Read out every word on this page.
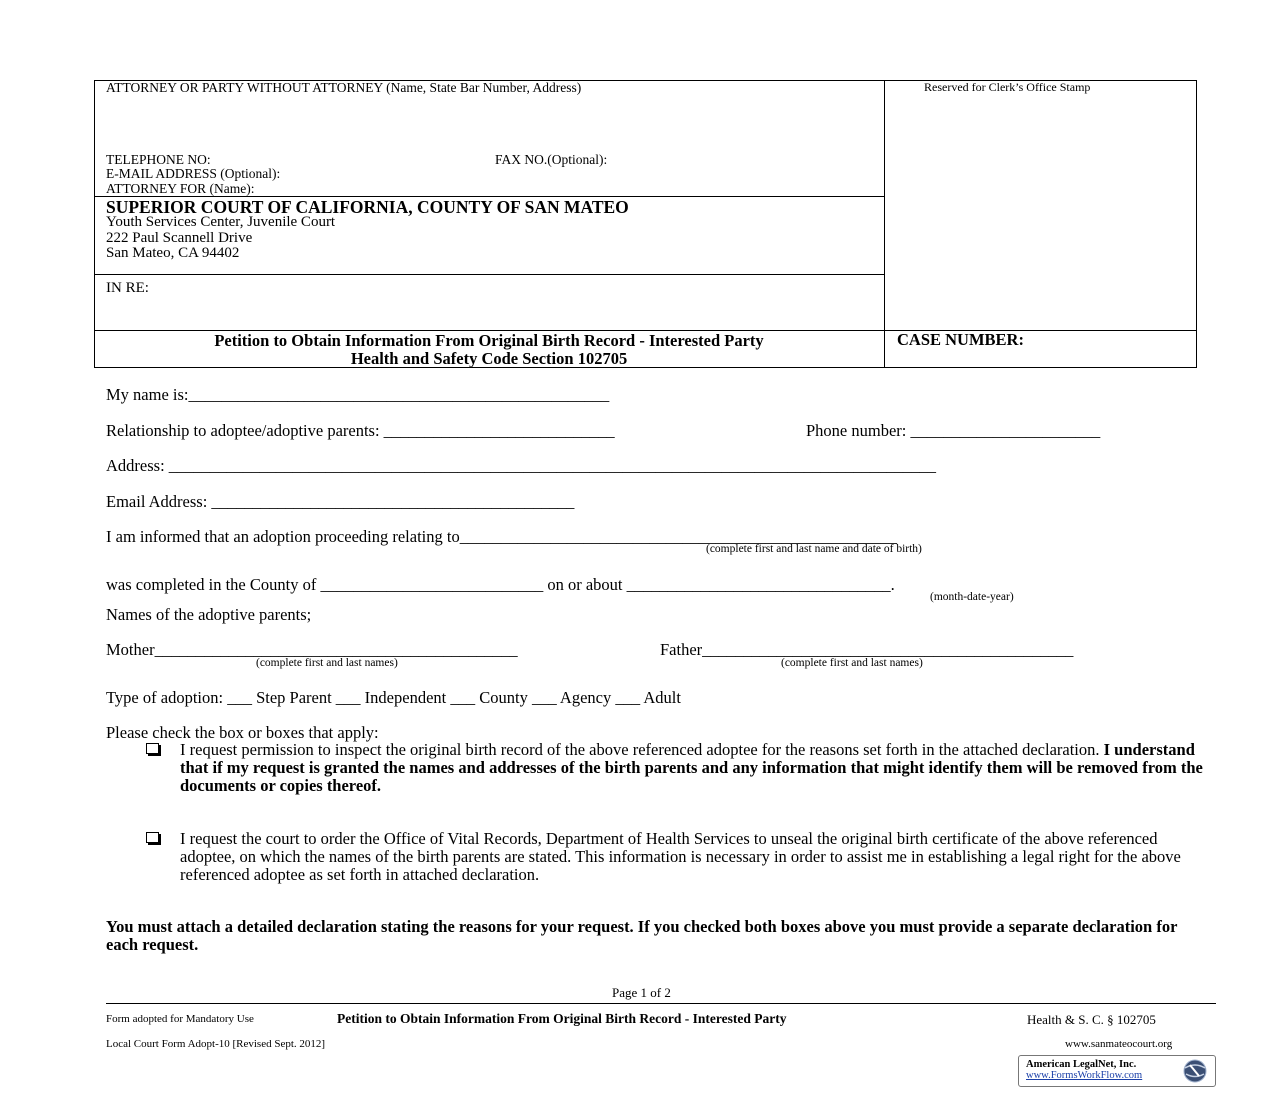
ATTORNEY OR PARTY WITHOUT ATTORNEY (Name, State Bar Number, Address)	Reserved for Clerk’s Office Stamp
TELEPHONE NO:	FAX NO.(Optional):
E-MAIL ADDRESS (Optional):
ATTORNEY FOR (Name):
SUPERIOR COURT OF CALIFORNIA, COUNTY OF SAN MATEO
Youth Services Center, Juvenile Court
222 Paul Scannell Drive
San Mateo, CA 94402
IN RE:
Petition to Obtain Information From Original Birth Record - Interested Party
Health and Safety Code Section 102705
CASE NUMBER:
My name is:___________________________________________________
Relationship to adoptee/adoptive parents: ____________________________	Phone number: _______________________
Address: _____________________________________________________________________________________________
Email Address: ____________________________________________
I am informed that an adoption proceeding relating to_____________________________________________________
(complete first and last name and date of birth)
was completed in the County of ___________________________ on or about ________________________________.
(month-date-year)
Names of the adoptive parents;
Mother____________________________________________	Father_____________________________________________
(complete first and last names)	(complete first and last names)
Type of adoption: ___ Step Parent ___ Independent ___ County ___ Agency ___ Adult
Please check the box or boxes that apply:
I request permission to inspect the original birth record of the above referenced adoptee for the reasons set forth in the attached declaration. I understand that if my request is granted the names and addresses of the birth parents and any information that might identify them will be removed from the documents or copies thereof.
I request the court to order the Office of Vital Records, Department of Health Services to unseal the original birth certificate of the above referenced adoptee, on which the names of the birth parents are stated. This information is necessary in order to assist me in establishing a legal right for the above referenced adoptee as set forth in attached declaration.
You must attach a detailed declaration stating the reasons for your request. If you checked both boxes above you must provide a separate declaration for each request.
Page 1 of 2
Form adopted for Mandatory Use	Petition to Obtain Information From Original Birth Record - Interested Party	Health & S. C. § 102705
Local Court Form Adopt-10 [Revised Sept. 2012]	www.sanmateocourt.org
American LegalNet, Inc.
www.FormsWorkFlow.com
